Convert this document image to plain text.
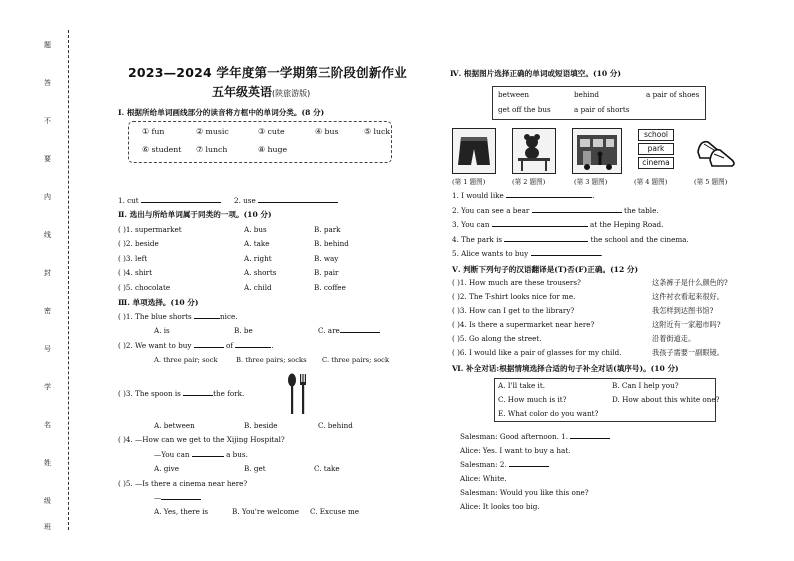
题
答
不
要
内
线
封
密
号
学
名
姓
级
班
2023—2024 学年度第一学期第三阶段创新作业
五年级英语(陕旅游版)
Ⅰ. 根据所给单词画线部分的读音将方框中的单词分类。(8 分)
① fun	② music	③ cute	④ bus	⑤ luck
⑥ student ⑦ lunch	⑧ huge
1. cut	2. use
Ⅱ. 选出与所给单词属于同类的一项。(10 分)
( )1. supermarket	A. bus	B. park
( )2. beside	A. take	B. behind
( )3. left	A. right	B. way
( )4. shirt	A. shorts	B. pair
( )5. chocolate	A. child	B. coffee
Ⅲ. 单项选择。(10 分)
( )1. The blue shorts	nice.
A. is	B. be	C. are
( )2. We want to buy	of	.
A. three pair; sock	B. three pairs; socks C. three pairs; sock
( )3. The spoon is	the fork.
A. between	B. beside	C. behind
( )4. —How can we get to the Xijing Hospital?
—You can	a bus.
A. give	B. get	C. take
( )5. —Is there a cinema near here?
—
A. Yes, there is	B. You're welcome C. Excuse me
Ⅳ. 根据图片选择正确的单词或短语填空。(10 分)
between	behind	a pair of shoes
get off the bus	a pair of shorts
school
park
cinema
(第 1 题图)	(第 2 题图)	(第 3 题图)	(第 4 题图)	(第 5 题图)
1. I would like	.
2. You can see a bear	the table.
3. You can	at the Heping Road.
4. The park is	the school and the cinema.
5. Alice wants to buy	.
Ⅴ. 判断下列句子的汉语翻译是(T)否(F)正确。(12 分)
( )1. How much are these trousers?	这条裤子是什么颜色的?
( )2. The T-shirt looks nice for me.	这件衬衣看起来很好。
( )3. How can I get to the library?	我怎样到达图书馆?
( )4. Is there a supermarket near here?	这附近有一家超市吗?
( )5. Go along the street.	沿着街道走。
( )6. I would like a pair of glasses for my child.	我孩子需要一副眼镜。
Ⅵ. 补全对话:根据情境选择合适的句子补全对话(填序号)。(10 分)
A. I'll take it.	B. Can I help you?
C. How much is it?	D. How about this white one?
E. What color do you want?
Salesman: Good afternoon. 1.
Alice: Yes. I want to buy a hat.
Salesman: 2.
Alice: White.
Salesman: Would you like this one?
Alice: It looks too big.
